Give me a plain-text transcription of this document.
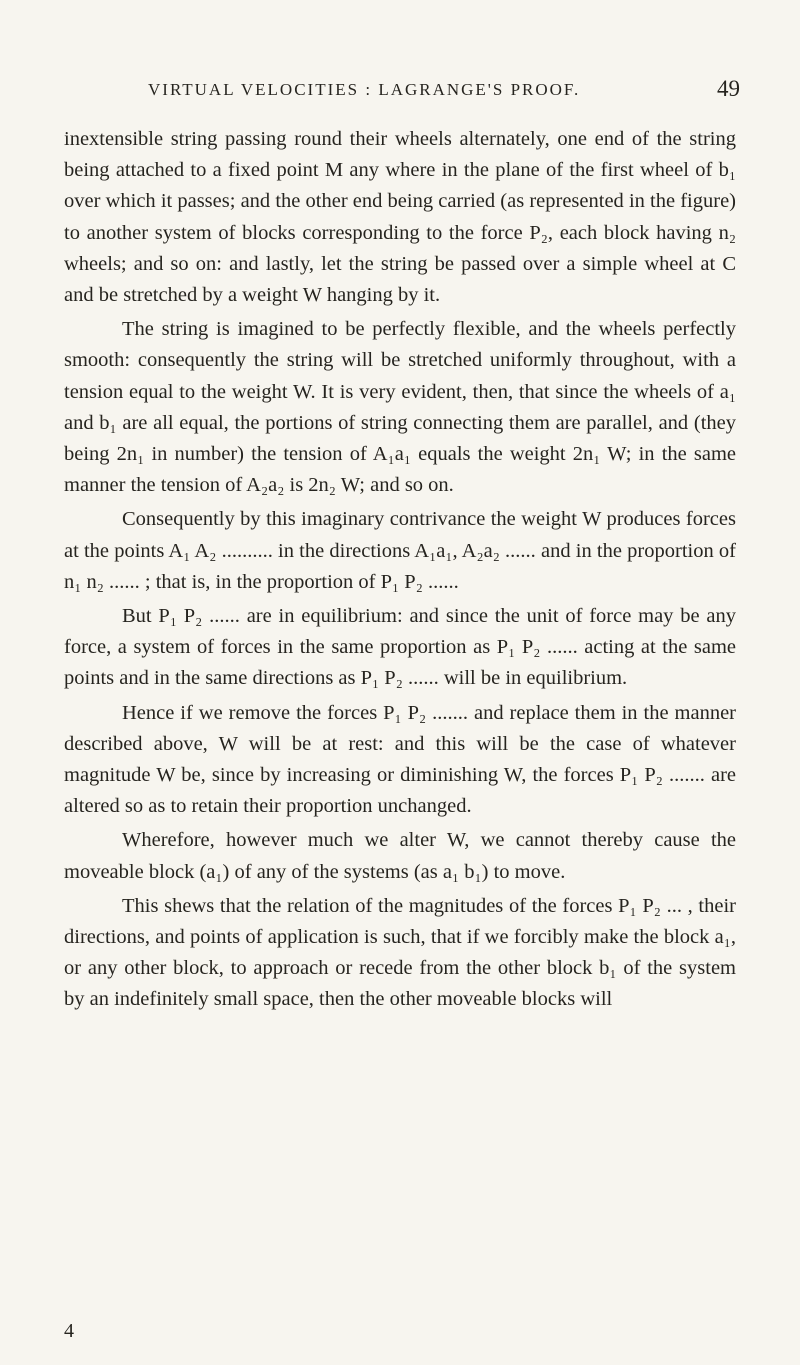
VIRTUAL VELOCITIES : LAGRANGE'S PROOF.	49

inextensible string passing round their wheels alternately, one end of the string being attached to a fixed point M any where in the plane of the first wheel of b₁ over which it passes; and the other end being carried (as represented in the figure) to another system of blocks corresponding to the force P₂, each block having n₂ wheels; and so on: and lastly, let the string be passed over a simple wheel at C and be stretched by a weight W hanging by it.

The string is imagined to be perfectly flexible, and the wheels perfectly smooth: consequently the string will be stretched uniformly throughout, with a tension equal to the weight W. It is very evident, then, that since the wheels of a₁ and b₁ are all equal, the portions of string connecting them are parallel, and (they being 2n₁ in number) the tension of A₁a₁ equals the weight 2n₁ W; in the same manner the tension of A₂a₂ is 2n₂ W; and so on.

Consequently by this imaginary contrivance the weight W produces forces at the points A₁ A₂ .......... in the directions A₁a₁, A₂a₂ ...... and in the proportion of n₁ n₂ ...... ; that is, in the proportion of P₁ P₂ ......

But P₁ P₂ ...... are in equilibrium: and since the unit of force may be any force, a system of forces in the same proportion as P₁ P₂ ...... acting at the same points and in the same directions as P₁ P₂ ...... will be in equilibrium.

Hence if we remove the forces P₁ P₂ ....... and replace them in the manner described above, W will be at rest: and this will be the case of whatever magnitude W be, since by increasing or diminishing W, the forces P₁ P₂ ....... are altered so as to retain their proportion unchanged.

Wherefore, however much we alter W, we cannot thereby cause the moveable block (a₁) of any of the systems (as a₁ b₁) to move.

This shews that the relation of the magnitudes of the forces P₁ P₂ ... , their directions, and points of application is such, that if we forcibly make the block a₁, or any other block, to approach or recede from the other block b₁ of the system by an indefinitely small space, then the other moveable blocks will

4
